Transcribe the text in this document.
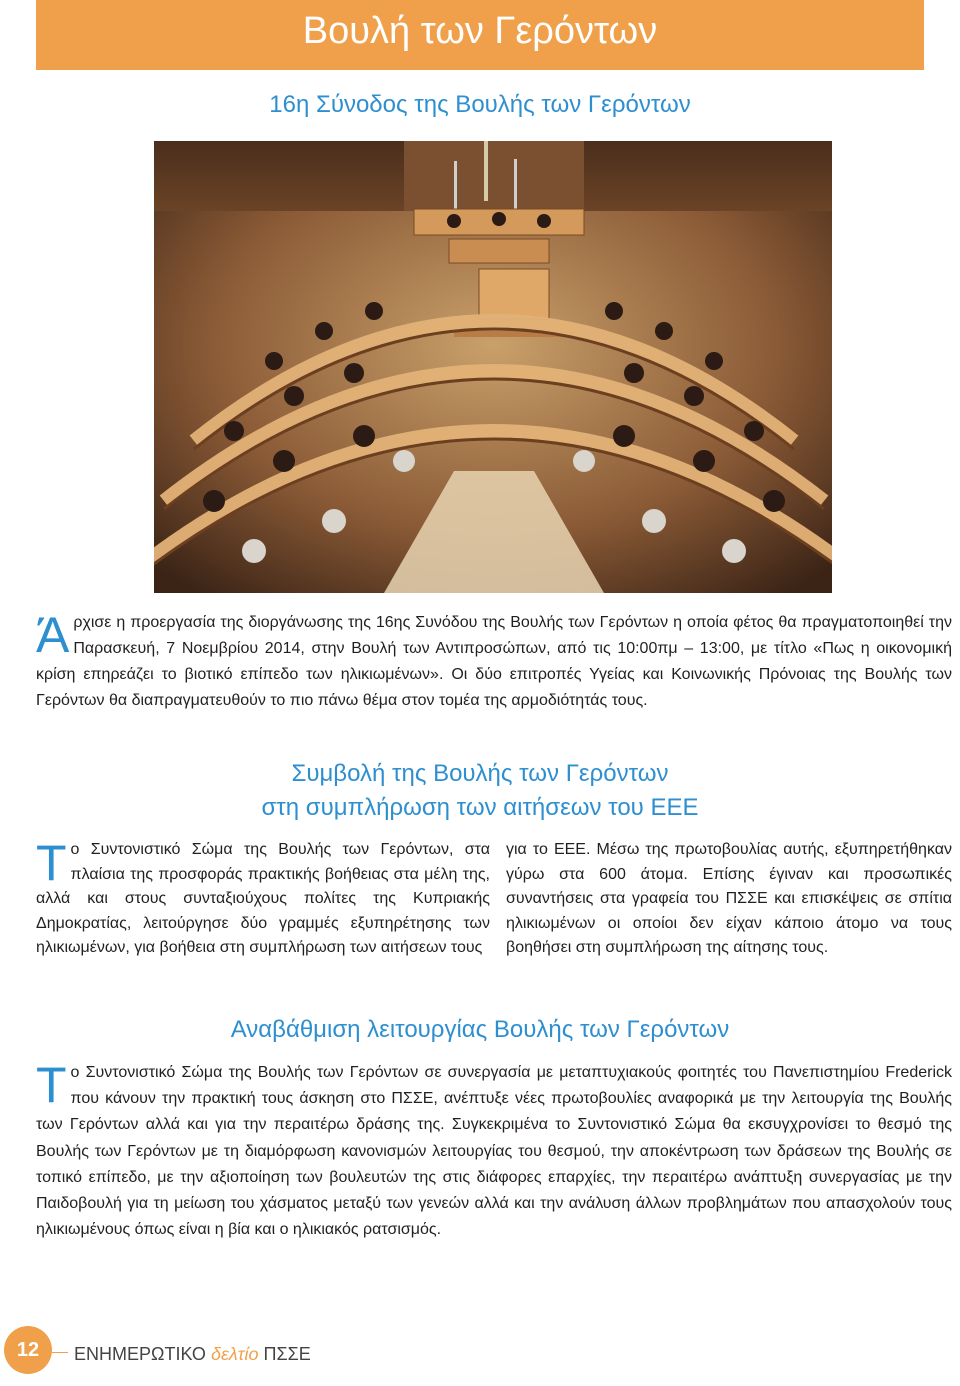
Βουλή των Γερόντων
16η Σύνοδος της Βουλής των Γερόντων
Ά ρχισε η προεργασία της διοργάνωσης της 16ης Συνόδου της Βουλής των Γερόντων η οποία φέτος θα πραγματοποιηθεί την Παρασκευή, 7 Νοεμβρίου 2014, στην Βουλή των Αντιπροσώπων, από τις 10:00πμ – 13:00, με τίτλο «Πως η οικονομική κρίση επηρεάζει το βιοτικό επίπεδο των ηλικιωμένων». Οι δύο επιτροπές Υγείας και Κοινωνικής Πρόνοιας της Βουλής των Γερόντων θα διαπραγματευθούν το πιο πάνω θέμα στον τομέα της αρμοδιότητάς τους.
Συμβολή της Βουλής των Γερόντων
στη συμπλήρωση των αιτήσεων του ΕΕΕ
Τ ο Συντονιστικό Σώμα της Βουλής των Γερόντων, στα πλαίσια της προσφοράς πρακτικής βοήθειας στα μέλη της, αλλά και στους συνταξιούχους πολίτες της Κυπριακής Δημοκρατίας, λειτούργησε δύο γραμμές εξυπηρέτησης των ηλικιωμένων, για βοήθεια στη συμπλήρωση των αιτήσεων τους
για το ΕΕΕ. Μέσω της πρωτοβουλίας αυτής, εξυπηρετήθηκαν γύρω στα 600 άτομα. Επίσης έγιναν και προσωπικές συναντήσεις στα γραφεία του ΠΣΣΕ και επισκέψεις σε σπίτια ηλικιωμένων οι οποίοι δεν είχαν κάποιο άτομο να τους βοηθήσει στη συμπλήρωση της αίτησης τους.
Αναβάθμιση λειτουργίας Βουλής των Γερόντων
Τ ο Συντονιστικό Σώμα της Βουλής των Γερόντων σε συνεργασία με μεταπτυχιακούς φοιτητές του Πανεπιστημίου Frederick που κάνουν την πρακτική τους άσκηση στο ΠΣΣΕ, ανέπτυξε νέες πρωτοβουλίες αναφορικά με την λειτουργία της Βουλής των Γερόντων αλλά και για την περαιτέρω δράσης της. Συγκεκριμένα το Συντονιστικό Σώμα θα εκσυγχρονίσει το θεσμό της Βουλής των Γερόντων με τη διαμόρφωση κανονισμών λειτουργίας του θεσμού, την αποκέντρωση των δράσεων της Βουλής σε τοπικό επίπεδο, με την αξιοποίηση των βουλευτών της στις διάφορες επαρχίες, την περαιτέρω ανάπτυξη συνεργασίας με την Παιδοβουλή για τη μείωση του χάσματος μεταξύ των γενεών αλλά και την ανάλυση άλλων προβλημάτων που απασχολούν τους ηλικιωμένους όπως είναι η βία και ο ηλικιακός ρατσισμός.
12	ΕΝΗΜΕΡΩΤΙΚΟ δελτίο ΠΣΣΕ
